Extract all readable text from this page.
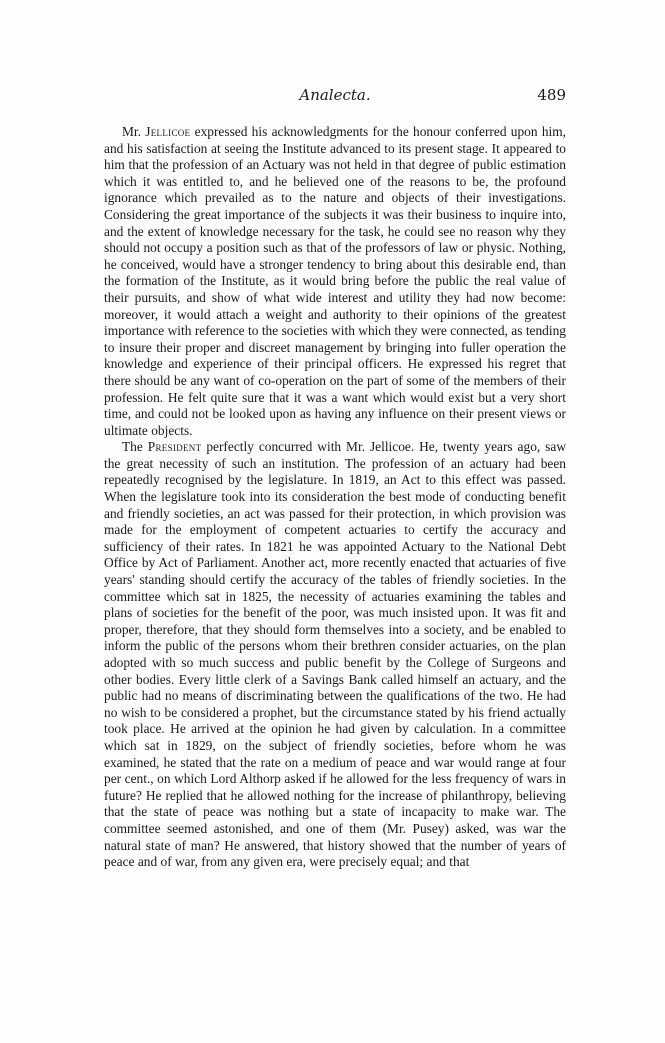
Analecta.	489

Mr. Jellicoe expressed his acknowledgments for the honour conferred upon him, and his satisfaction at seeing the Institute advanced to its present stage. It appeared to him that the profession of an Actuary was not held in that degree of public estimation which it was entitled to, and he believed one of the reasons to be, the profound ignorance which prevailed as to the nature and objects of their investigations. Considering the great importance of the subjects it was their business to inquire into, and the extent of knowledge necessary for the task, he could see no reason why they should not occupy a position such as that of the professors of law or physic. Nothing, he conceived, would have a stronger tendency to bring about this desirable end, than the formation of the Institute, as it would bring before the public the real value of their pursuits, and show of what wide interest and utility they had now become: moreover, it would attach a weight and authority to their opinions of the greatest importance with reference to the societies with which they were connected, as tending to insure their proper and discreet management by bringing into fuller operation the knowledge and experience of their principal officers. He expressed his regret that there should be any want of co-operation on the part of some of the members of their profession. He felt quite sure that it was a want which would exist but a very short time, and could not be looked upon as having any influence on their present views or ultimate objects.

The President perfectly concurred with Mr. Jellicoe. He, twenty years ago, saw the great necessity of such an institution. The profession of an actuary had been repeatedly recognised by the legislature. In 1819, an Act to this effect was passed. When the legislature took into its consideration the best mode of conducting benefit and friendly societies, an act was passed for their protection, in which provision was made for the employment of competent actuaries to certify the accuracy and sufficiency of their rates. In 1821 he was appointed Actuary to the National Debt Office by Act of Parliament. Another act, more recently enacted that actuaries of five years' standing should certify the accuracy of the tables of friendly societies. In the committee which sat in 1825, the necessity of actuaries examining the tables and plans of societies for the benefit of the poor, was much insisted upon. It was fit and proper, therefore, that they should form themselves into a society, and be enabled to inform the public of the persons whom their brethren consider actuaries, on the plan adopted with so much success and public benefit by the College of Surgeons and other bodies. Every little clerk of a Savings Bank called himself an actuary, and the public had no means of discriminating between the qualifications of the two. He had no wish to be considered a prophet, but the circumstance stated by his friend actually took place. He arrived at the opinion he had given by calculation. In a committee which sat in 1829, on the subject of friendly societies, before whom he was examined, he stated that the rate on a medium of peace and war would range at four per cent., on which Lord Althorp asked if he allowed for the less frequency of wars in future? He replied that he allowed nothing for the increase of philanthropy, believing that the state of peace was nothing but a state of incapacity to make war. The committee seemed astonished, and one of them (Mr. Pusey) asked, was war the natural state of man? He answered, that history showed that the number of years of peace and of war, from any given era, were precisely equal; and that
